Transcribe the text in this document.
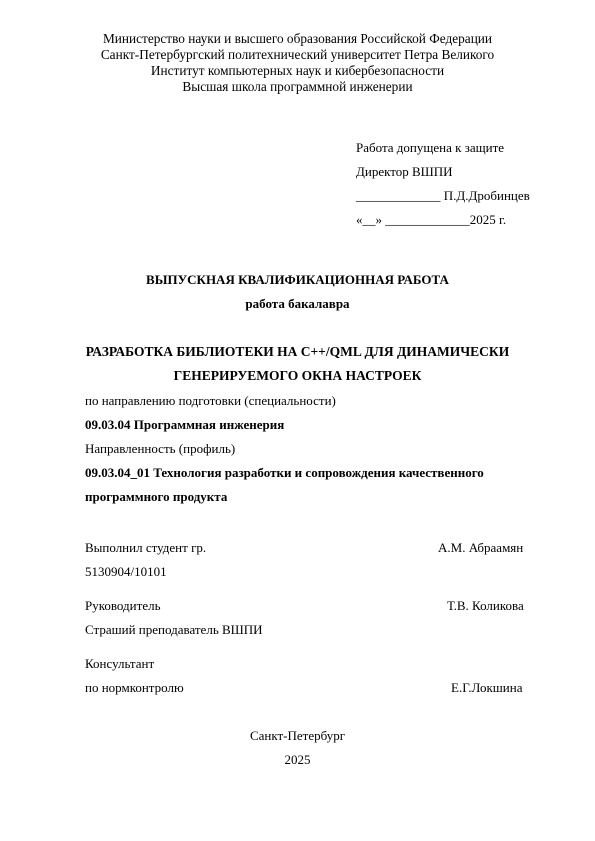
Министерство науки и высшего образования Российской Федерации
Санкт-Петербургский политехнический университет Петра Великого
Институт компьютерных наук и кибербезопасности
Высшая школа программной инженерии
Работа допущена к защите
Директор ВШПИ
_____________ П.Д.Дробинцев
«__» _____________2025 г.
ВЫПУСКНАЯ КВАЛИФИКАЦИОННАЯ РАБОТА
работа бакалавра
РАЗРАБОТКА БИБЛИОТЕКИ НА C++/QML ДЛЯ ДИНАМИЧЕСКИ
ГЕНЕРИРУЕМОГО ОКНА НАСТРОЕК
по направлению подготовки (специальности)
09.03.04 Программная инженерия
Направленность (профиль)
09.03.04_01 Технология разработки и сопровождения качественного
программного продукта
Выполнил студент гр.	А.М. Абраамян
5130904/10101
Руководитель	Т.В. Коликова
Страший преподаватель ВШПИ
Консультант
по нормконтролю	Е.Г.Локшина
Санкт-Петербург
2025
